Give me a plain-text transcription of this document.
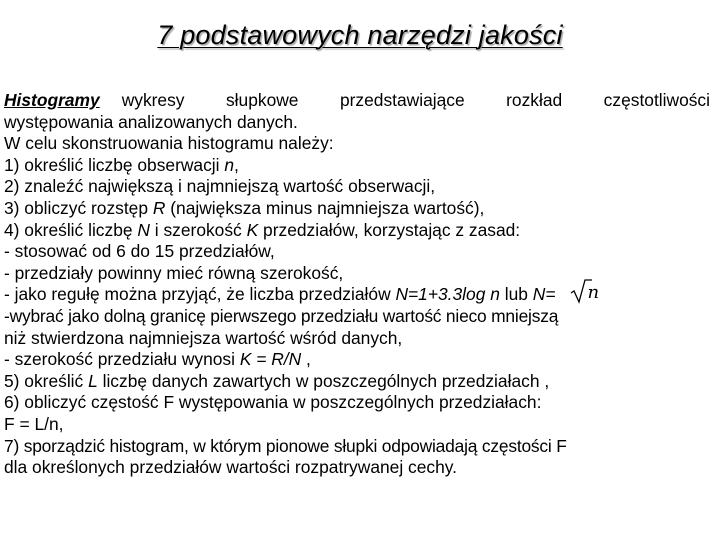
7 podstawowych narzędzi jakości
Histogramy	wykresy słupkowe przedstawiające rozkład częstotliwości
występowania analizowanych danych.
W celu skonstruowania histogramu należy:
1) określić liczbę obserwacji n,
2) znaleźć największą i najmniejszą wartość obserwacji,
3) obliczyć rozstęp R (największa minus najmniejsza wartość),
4) określić liczbę N i szerokość K przedziałów, korzystając z zasad:
- stosować od 6 do 15 przedziałów,
- przedziały powinny mieć równą szerokość,
- jako regułę można przyjąć, że liczba przedziałów N=1+3.3log n lub N= n
-wybrać jako dolną granicę pierwszego przedziału wartość nieco mniejszą
niż stwierdzona najmniejsza wartość wśród danych,
- szerokość przedziału wynosi K = R/N ,
5) określić L liczbę danych zawartych w poszczególnych przedziałach ,
6) obliczyć częstość F występowania w poszczególnych przedziałach:
F = L/n,
7) sporządzić histogram, w którym pionowe słupki odpowiadają częstości F
dla określonych przedziałów wartości rozpatrywanej cechy.
